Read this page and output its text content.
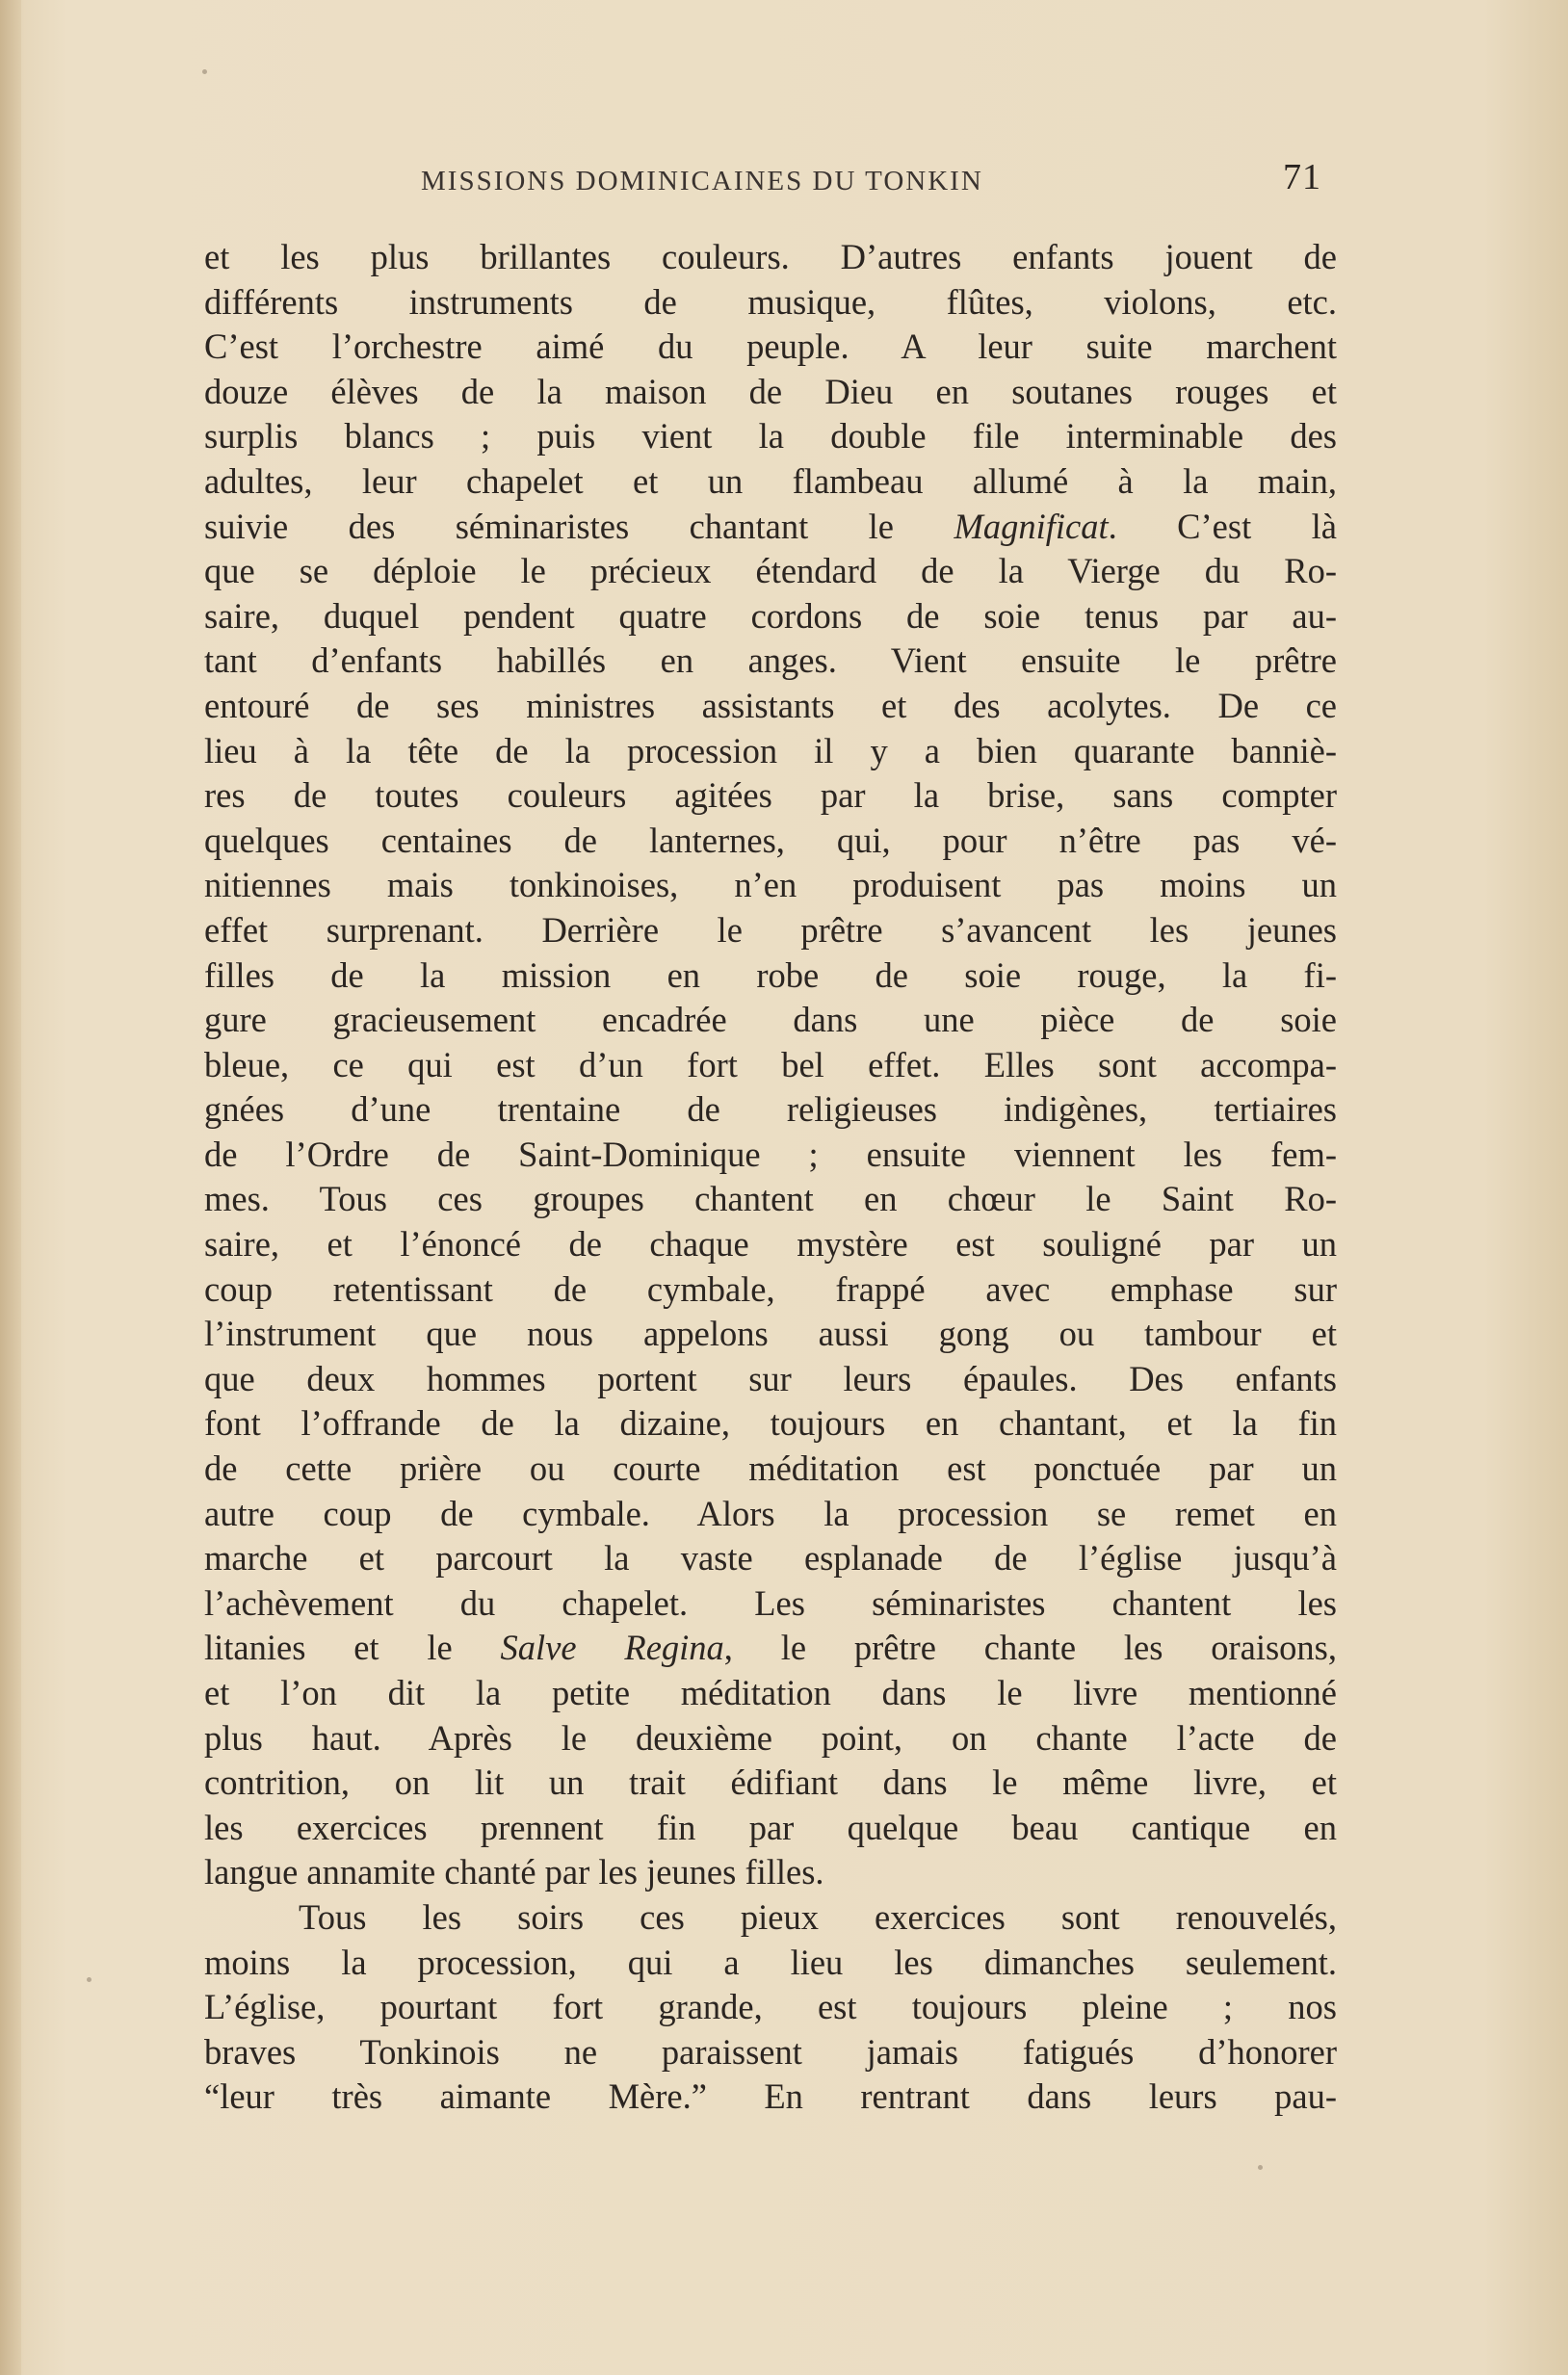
MISSIONS DOMINICAINES DU TONKIN	71
et les plus brillantes couleurs. D’autres enfants jouent de
différents instruments de musique, flûtes, violons, etc.
C’est l’orchestre aimé du peuple. A leur suite marchent
douze élèves de la maison de Dieu en soutanes rouges et
surplis blancs ; puis vient la double file interminable des
adultes, leur chapelet et un flambeau allumé à la main,
suivie des séminaristes chantant le Magnificat. C’est là
que se déploie le précieux étendard de la Vierge du Ro-
saire, duquel pendent quatre cordons de soie tenus par au-
tant d’enfants habillés en anges. Vient ensuite le prêtre
entouré de ses ministres assistants et des acolytes. De ce
lieu à la tête de la procession il y a bien quarante banniè-
res de toutes couleurs agitées par la brise, sans compter
quelques centaines de lanternes, qui, pour n’être pas vé-
nitiennes mais tonkinoises, n’en produisent pas moins un
effet surprenant. Derrière le prêtre s’avancent les jeunes
filles de la mission en robe de soie rouge, la fi-
gure gracieusement encadrée dans une pièce de soie
bleue, ce qui est d’un fort bel effet. Elles sont accompa-
gnées d’une trentaine de religieuses indigènes, tertiaires
de l’Ordre de Saint-Dominique ; ensuite viennent les fem-
mes. Tous ces groupes chantent en chœur le Saint Ro-
saire, et l’énoncé de chaque mystère est souligné par un
coup retentissant de cymbale, frappé avec emphase sur
l’instrument que nous appelons aussi gong ou tambour et
que deux hommes portent sur leurs épaules. Des enfants
font l’offrande de la dizaine, toujours en chantant, et la fin
de cette prière ou courte méditation est ponctuée par un
autre coup de cymbale. Alors la procession se remet en
marche et parcourt la vaste esplanade de l’église jusqu’à
l’achèvement du chapelet. Les séminaristes chantent les
litanies et le Salve Regina, le prêtre chante les oraisons,
et l’on dit la petite méditation dans le livre mentionné
plus haut. Après le deuxième point, on chante l’acte de
contrition, on lit un trait édifiant dans le même livre, et
les exercices prennent fin par quelque beau cantique en
langue annamite chanté par les jeunes filles.
Tous les soirs ces pieux exercices sont renouvelés,
moins la procession, qui a lieu les dimanches seulement.
L’église, pourtant fort grande, est toujours pleine ; nos
braves Tonkinois ne paraissent jamais fatigués d’honorer
“leur très aimante Mère.” En rentrant dans leurs pau-
